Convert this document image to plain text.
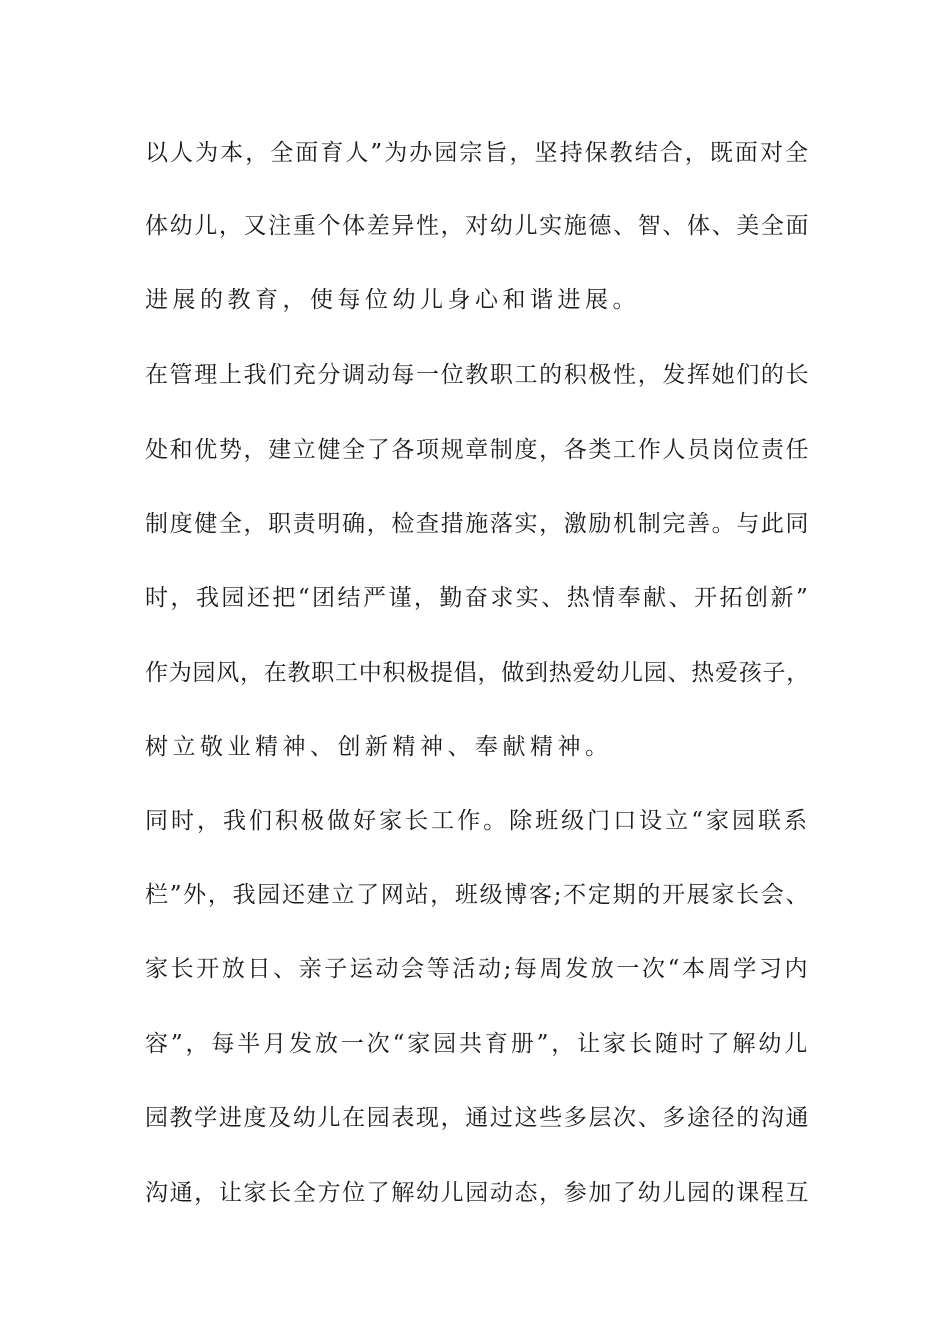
以人为本，全面育人”为办园宗旨，坚持保教结合，既面对全
体幼儿，又注重个体差异性，对幼儿实施德、智、体、美全面
进展的教育，使每位幼儿身心和谐进展。
在管理上我们充分调动每一位教职工的积极性，发挥她们的长
处和优势，建立健全了各项规章制度，各类工作人员岗位责任
制度健全，职责明确，检查措施落实，激励机制完善。与此同
时，我园还把“团结严谨，勤奋求实、热情奉献、开拓创新”
作为园风，在教职工中积极提倡，做到热爱幼儿园、热爱孩子，
树立敬业精神、创新精神、奉献精神。
同时，我们积极做好家长工作。除班级门口设立“家园联系
栏”外，我园还建立了网站，班级博客;不定期的开展家长会、
家长开放日、亲子运动会等活动;每周发放一次“本周学习内
容”，每半月发放一次“家园共育册”，让家长随时了解幼儿
园教学进度及幼儿在园表现，通过这些多层次、多途径的沟通
沟通，让家长全方位了解幼儿园动态，参加了幼儿园的课程互
